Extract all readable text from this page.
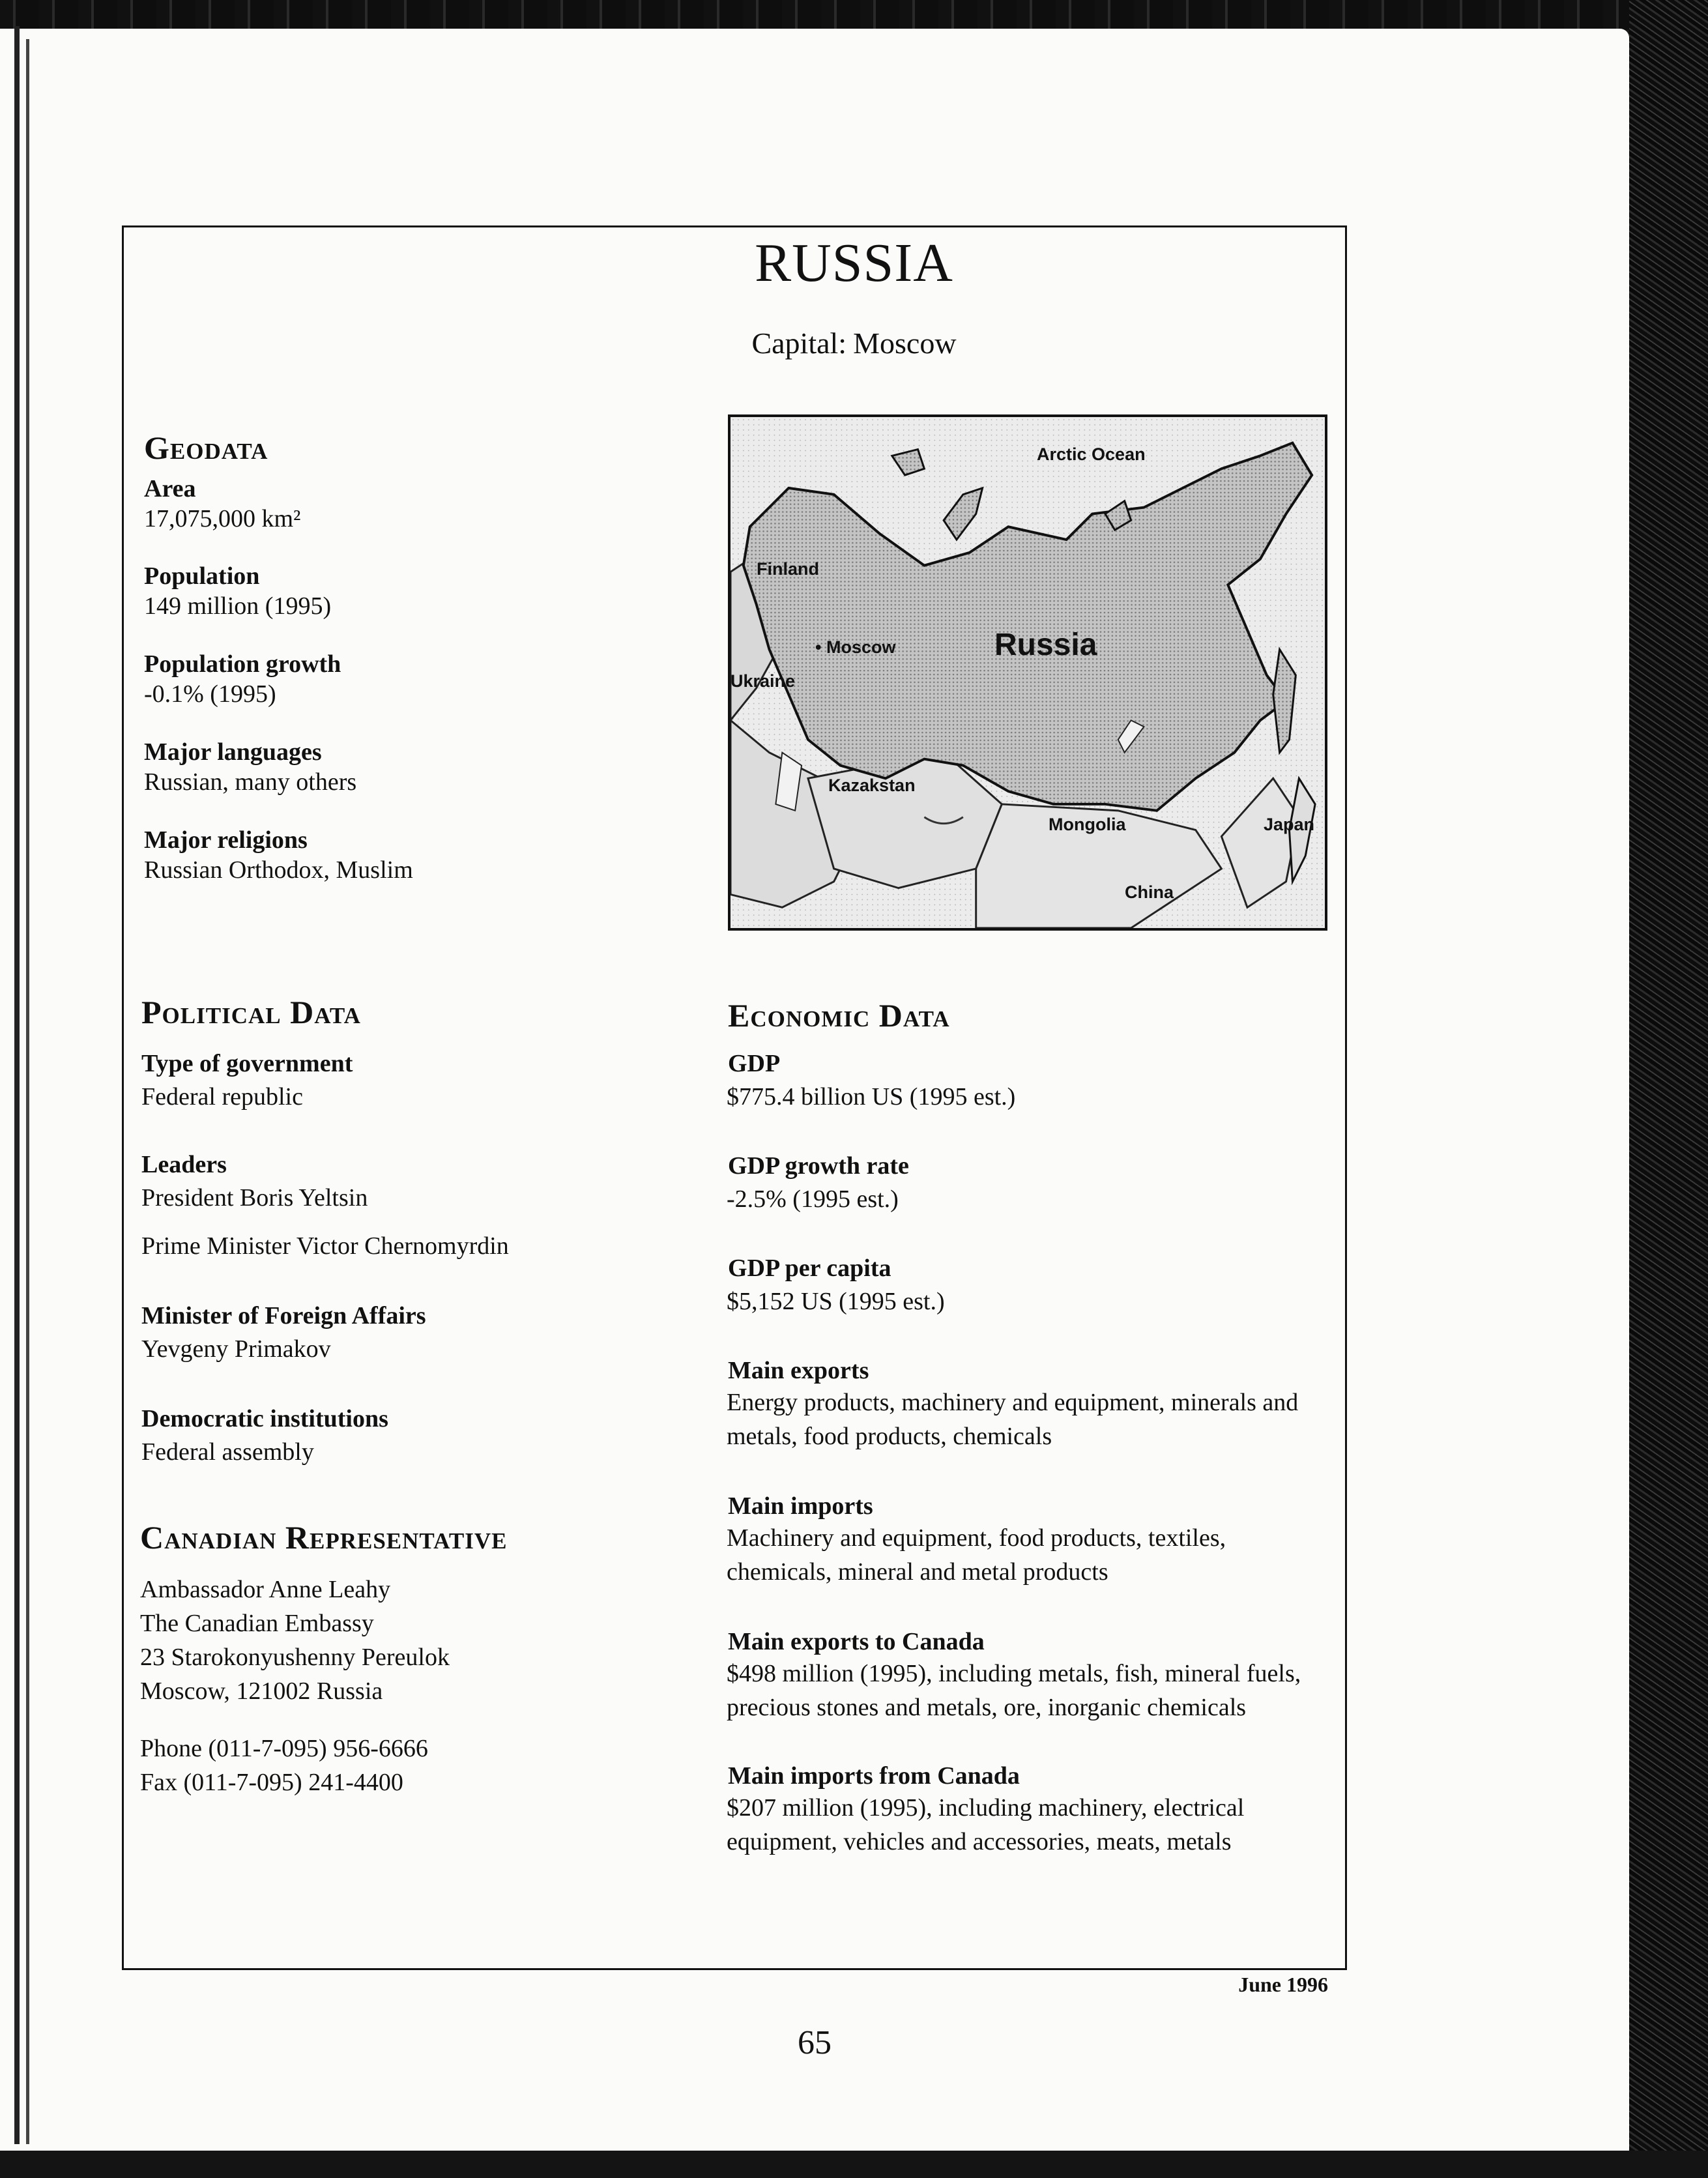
RUSSIA
Capital: Moscow
Geodata
Area
17,075,000 km²
Population
149 million (1995)
Population growth
-0.1% (1995)
Major languages
Russian, many others
Major religions
Russian Orthodox, Muslim
Arctic Ocean
Finland
• Moscow	Russia
Ukraine
Kazakstan
Mongolia	Japan
China
Political Data
Type of government
Federal republic
Leaders
President Boris Yeltsin
Prime Minister Victor Chernomyrdin
Minister of Foreign Affairs
Yevgeny Primakov
Democratic institutions
Federal assembly
Canadian Representative
Ambassador Anne Leahy
The Canadian Embassy
23 Starokonyushenny Pereulok
Moscow, 121002 Russia
Phone (011-7-095) 956-6666
Fax (011-7-095) 241-4400
Economic Data
GDP
$775.4 billion US (1995 est.)
GDP growth rate
-2.5% (1995 est.)
GDP per capita
$5,152 US (1995 est.)
Main exports
Energy products, machinery and equipment, minerals and
metals, food products, chemicals
Main imports
Machinery and equipment, food products, textiles,
chemicals, mineral and metal products
Main exports to Canada
$498 million (1995), including metals, fish, mineral fuels,
precious stones and metals, ore, inorganic chemicals
Main imports from Canada
$207 million (1995), including machinery, electrical
equipment, vehicles and accessories, meats, metals
June 1996
65
